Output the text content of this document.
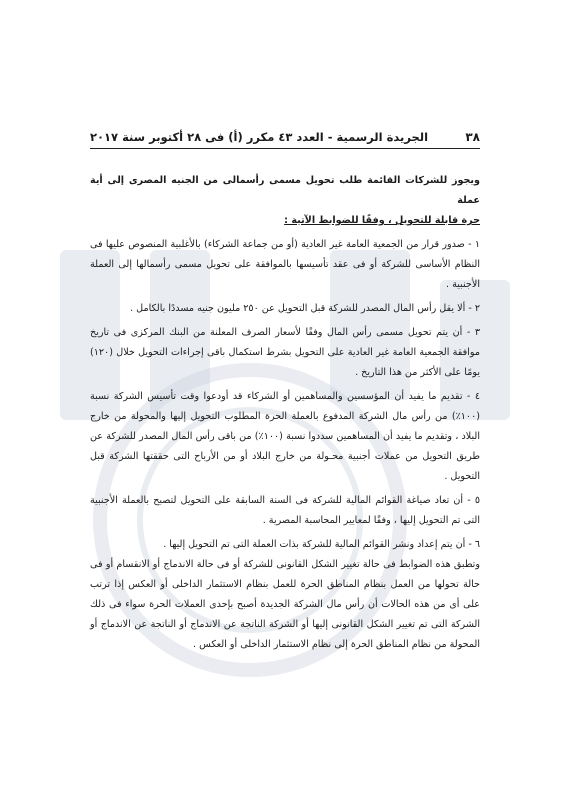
٣٨
الجريدة الرسمية - العدد ٤٣ مكرر (أ) فى ٢٨ أكتوبر سنة ٢٠١٧
ويجوز للشركات القائمة طلب تحويل مسمى رأسمالى من الجنيه المصرى إلى أية عملة
حرة قابلة للتحويل ، وفقًا للضوابط الآتية :

١ - صدور قرار من الجمعية العامة غير العادية (أو من جماعة الشركاء) بالأغلبية المنصوص عليها فى النظام الأساسى للشركة أو فى عقد تأسيسها بالموافقة على تحويل مسمى رأسمالها إلى العملة الأجنبية .

٢ - ألا يقل رأس المال المصدر للشركة قبل التحويل عن ٢٥٠ مليون جنيه مسددًا بالكامل .

٣ - أن يتم تحويل مسمى رأس المال وفقًا لأسعار الصرف المعلنة من البنك المركزى فى تاريخ موافقة الجمعية العامة غير العادية على التحويل بشرط استكمال باقى إجراءات التحويل خلال (١٢٠) يومًا على الأكثر من هذا التاريخ .

٤ - تقديم ما يفيد أن المؤسسين والمساهمين أو الشركاء قد أودعوا وقت تأسيس الشركة نسبة (١٠٠٪) من رأس مال الشركة المدفوع بالعملة الحرة المطلوب التحويل إليها والمحولة من خارج البلاد ، وتقديم ما يفيد أن المساهمين سددوا نسبة (١٠٠٪) من باقى رأس المال المصدر للشركة عن طريق التحويل من عملات أجنبية محـولة من خارج البلاد أو من الأرباح التى حققتها الشركة قبل التحويل .

٥ - أن تعاد صياغة القوائم المالية للشركة فى السنة السابقة على التحويل لتصبح بالعملة الأجنبية التى تم التحويل إليها ، وفقًا لمعايير المحاسبة المصرية .

٦ - أن يتم إعداد ونشر القوائم المالية للشركة بذات العملة التى تم التحويل إليها .

وتطبق هذه الضوابط فى حالة تغيير الشكل القانونى للشركة أو فى حالة الاندماج أو الانقسام أو فى حالة تحولها من العمل بنظام المناطق الحرة للعمل بنظام الاستثمار الداخلى أو العكس إذا ترتب على أى من هذه الحالات أن رأس مال الشركة الجديدة أصبح بإحدى العملات الحرة سواء فى ذلك الشركة التى تم تغيير الشكل القانونى إليها أو الشركة الناتجة عن الاندماج أو الناتجة عن الاندماج أو المحولة من نظام المناطق الحرة إلى نظام الاستثمار الداخلى أو العكس .
